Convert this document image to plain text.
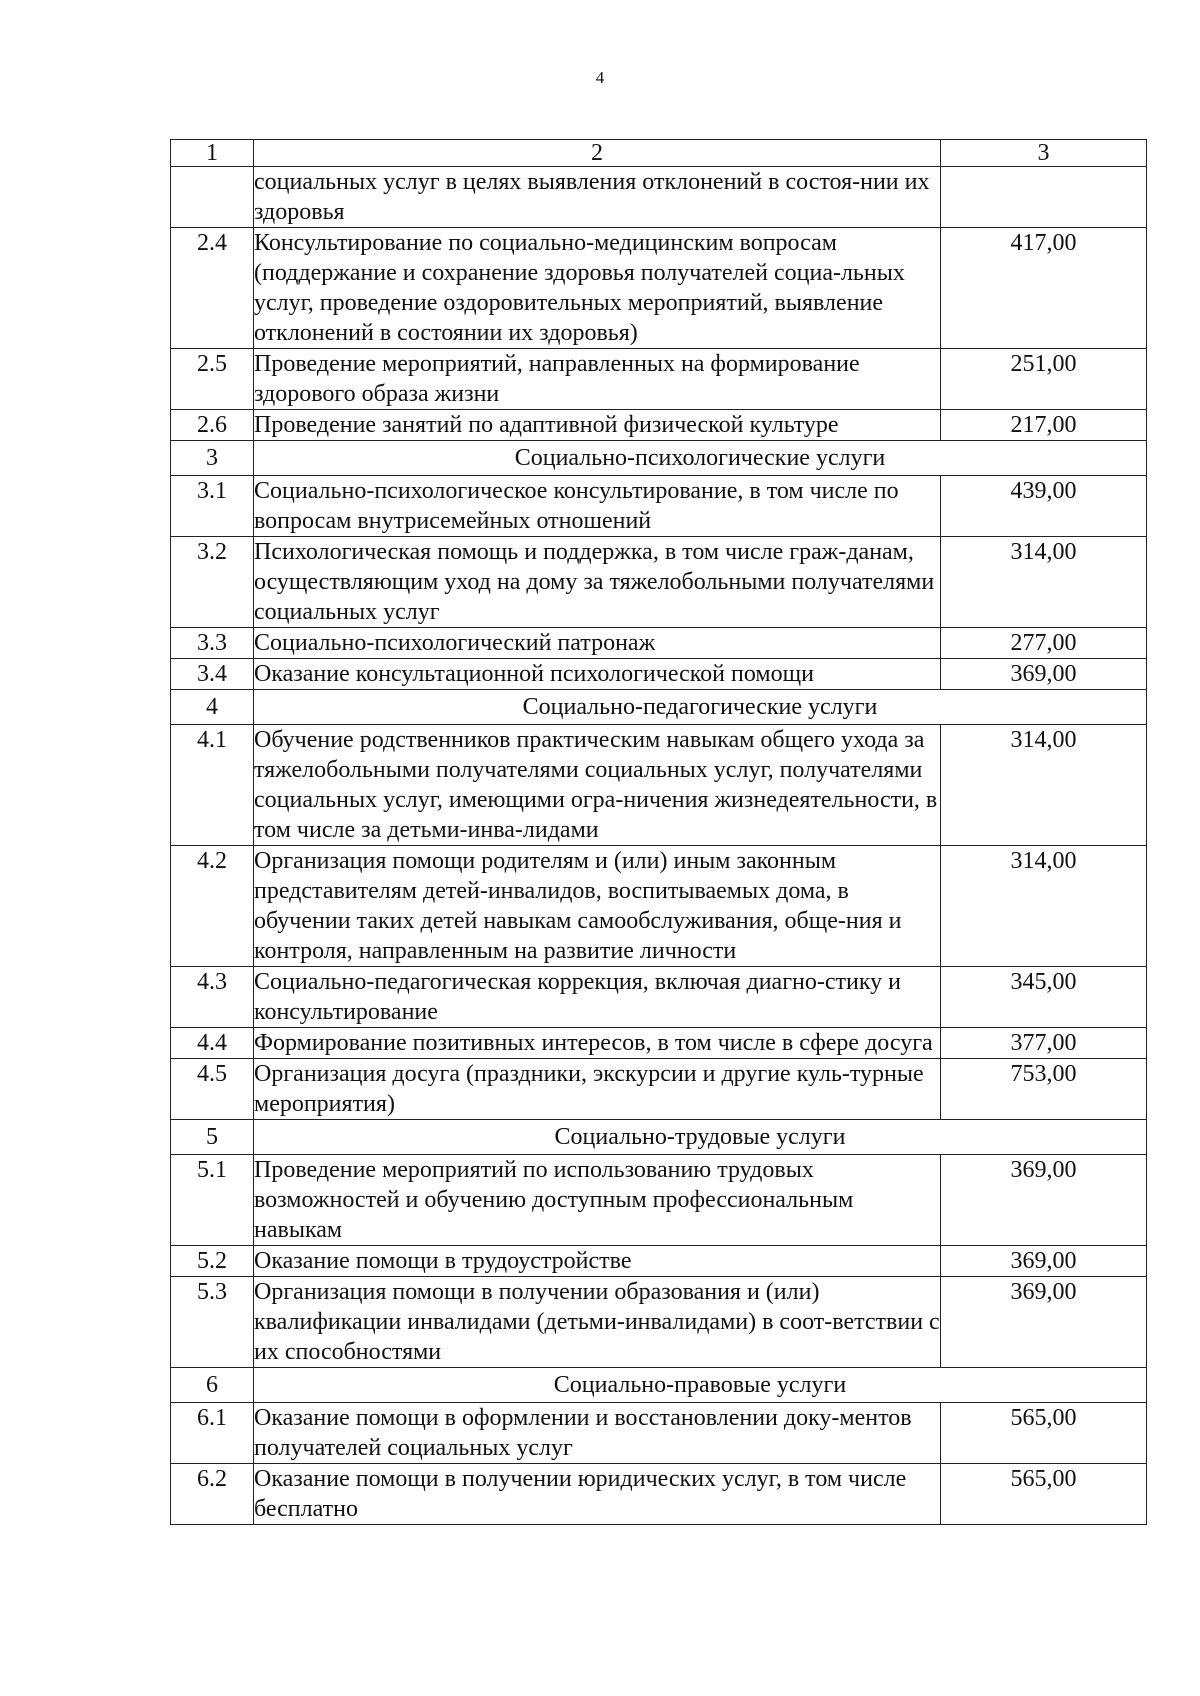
4
1	2	3
	социальных услуг в целях выявления отклонений в состоя-нии их здоровья	
2.4	Консультирование по социально-медицинским вопросам (поддержание и сохранение здоровья получателей социа-льных услуг, проведение оздоровительных мероприятий, выявление отклонений в состоянии их здоровья)	417,00
2.5	Проведение мероприятий, направленных на формирование здорового образа жизни	251,00
2.6	Проведение занятий по адаптивной физической культуре	217,00
3	Социально-психологические услуги	
3.1	Социально-психологическое консультирование, в том числе по вопросам внутрисемейных отношений	439,00
3.2	Психологическая помощь и поддержка, в том числе граж-данам, осуществляющим уход на дому за тяжелобольными получателями социальных услуг	314,00
3.3	Социально-психологический патронаж	277,00
3.4	Оказание консультационной психологической помощи	369,00
4	Социально-педагогические услуги	
4.1	Обучение родственников практическим навыкам общего ухода за тяжелобольными получателями социальных услуг, получателями социальных услуг, имеющими огра-ничения жизнедеятельности, в том числе за детьми-инва-лидами	314,00
4.2	Организация помощи родителям и (или) иным законным представителям детей-инвалидов, воспитываемых дома, в обучении таких детей навыкам самообслуживания, обще-ния и контроля, направленным на развитие личности	314,00
4.3	Социально-педагогическая коррекция, включая диагно-стику и консультирование	345,00
4.4	Формирование позитивных интересов, в том числе в сфере досуга	377,00
4.5	Организация досуга (праздники, экскурсии и другие куль-турные мероприятия)	753,00
5	Социально-трудовые услуги	
5.1	Проведение мероприятий по использованию трудовых возможностей и обучению доступным профессиональным навыкам	369,00
5.2	Оказание помощи в трудоустройстве	369,00
5.3	Организация помощи в получении образования и (или) квалификации инвалидами (детьми-инвалидами) в соот-ветствии с их способностями	369,00
6	Социально-правовые услуги	
6.1	Оказание помощи в оформлении и восстановлении доку-ментов получателей социальных услуг	565,00
6.2	Оказание помощи в получении юридических услуг, в том числе бесплатно	565,00
